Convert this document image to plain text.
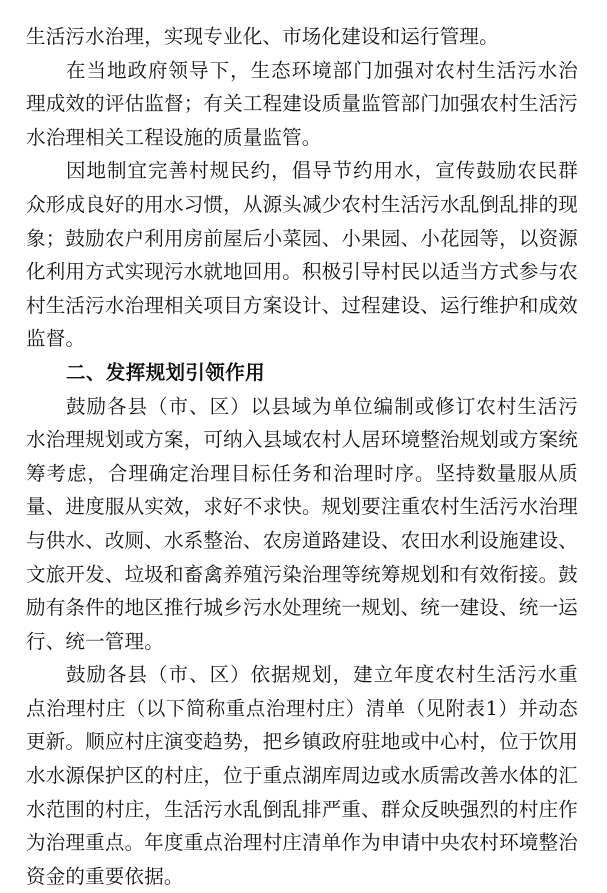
生活污水治理，实现专业化、市场化建设和运行管理。

在当地政府领导下，生态环境部门加强对农村生活污水治理成效的评估监督；有关工程建设质量监管部门加强农村生活污水治理相关工程设施的质量监管。

因地制宜完善村规民约，倡导节约用水，宣传鼓励农民群众形成良好的用水习惯，从源头减少农村生活污水乱倒乱排的现象；鼓励农户利用房前屋后小菜园、小果园、小花园等，以资源化利用方式实现污水就地回用。积极引导村民以适当方式参与农村生活污水治理相关项目方案设计、过程建设、运行维护和成效监督。

二、发挥规划引领作用

鼓励各县（市、区）以县域为单位编制或修订农村生活污水治理规划或方案，可纳入县域农村人居环境整治规划或方案统筹考虑，合理确定治理目标任务和治理时序。坚持数量服从质量、进度服从实效，求好不求快。规划要注重农村生活污水治理与供水、改厕、水系整治、农房道路建设、农田水利设施建设、文旅开发、垃圾和畜禽养殖污染治理等统筹规划和有效衔接。鼓励有条件的地区推行城乡污水处理统一规划、统一建设、统一运行、统一管理。

鼓励各县（市、区）依据规划，建立年度农村生活污水重点治理村庄（以下简称重点治理村庄）清单（见附表1）并动态更新。顺应村庄演变趋势，把乡镇政府驻地或中心村，位于饮用水水源保护区的村庄，位于重点湖库周边或水质需改善水体的汇水范围的村庄，生活污水乱倒乱排严重、群众反映强烈的村庄作为治理重点。年度重点治理村庄清单作为申请中央农村环境整治资金的重要依据。
